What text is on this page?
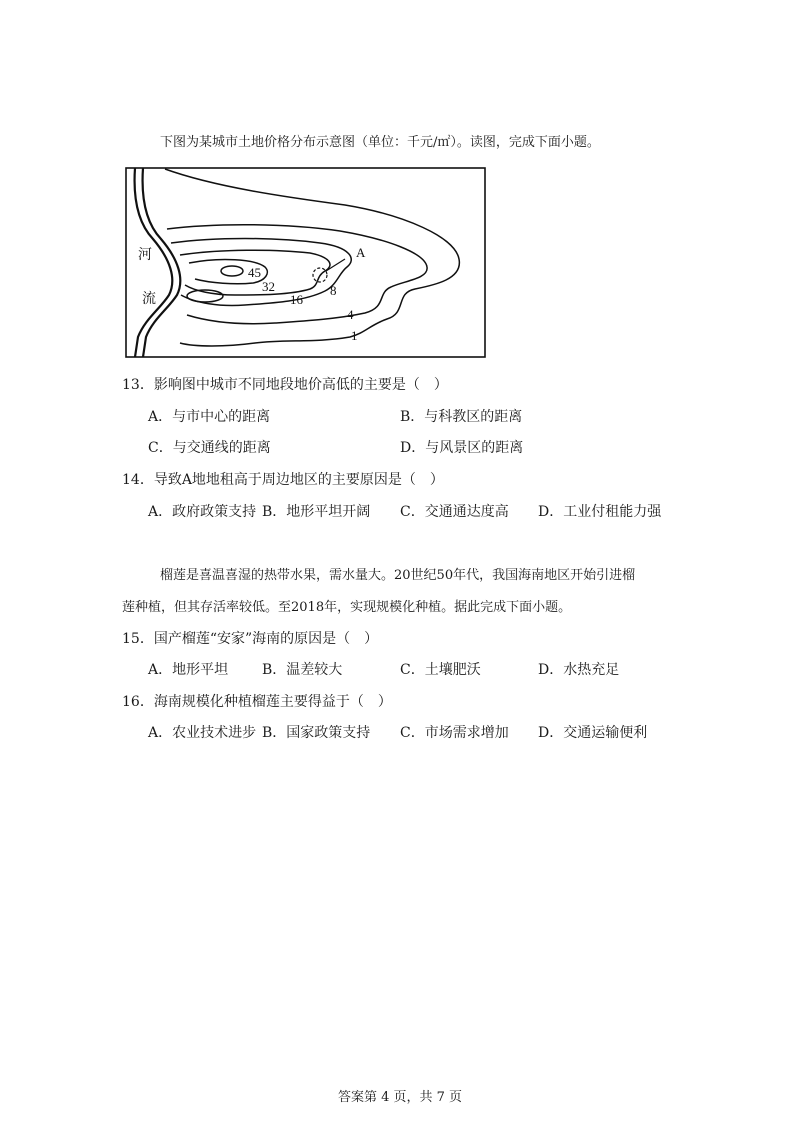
下图为某城市土地价格分布示意图（单位：千元/㎡）。读图，完成下面小题。
河
流
A
45
32
16
8
4
1
13．影响图中城市不同地段地价高低的主要是（　）
A．与市中心的距离	B．与科教区的距离
C．与交通线的距离	D．与风景区的距离
14．导致A地地租高于周边地区的主要原因是（　）
A．政府政策支持 B．地形平坦开阔 C．交通通达度高 D．工业付租能力强
榴莲是喜温喜湿的热带水果，需水量大。20世纪50年代，我国海南地区开始引进榴
莲种植，但其存活率较低。至2018年，实现规模化种植。据此完成下面小题。
15．国产榴莲“安家”海南的原因是（　）
A．地形平坦 B．温差较大	C．土壤肥沃	D．水热充足
16．海南规模化种植榴莲主要得益于（　）
A．农业技术进步 B．国家政策支持 C．市场需求增加 D．交通运输便利
答案第 4 页，共 7 页
